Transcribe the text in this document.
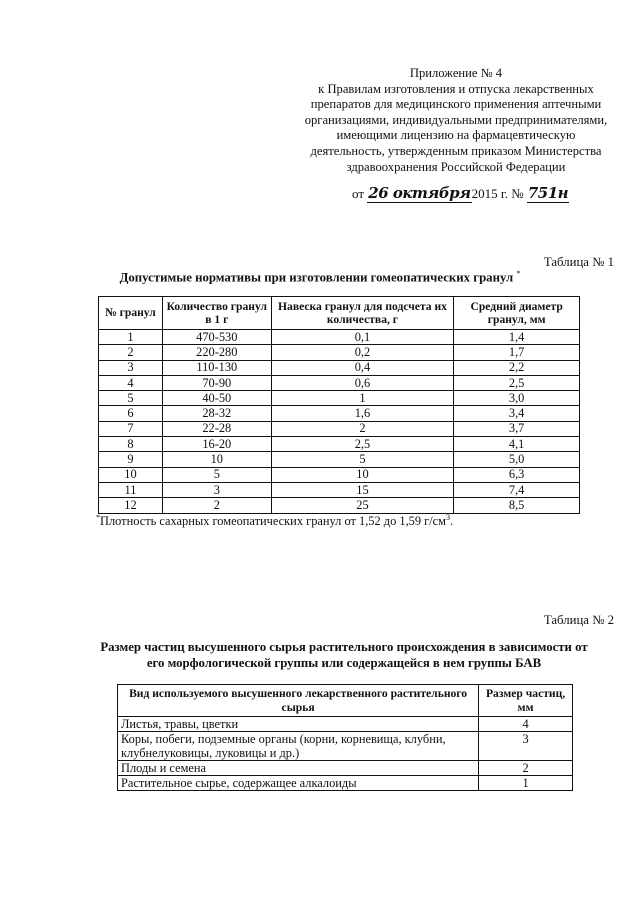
Приложение № 4
к Правилам изготовления и отпуска лекарственных
препаратов для медицинского применения аптечными
организациями, индивидуальными предпринимателями,
имеющими лицензию на фармацевтическую
деятельность, утвержденным приказом Министерства
здравоохранения Российской Федерации
от 26 октября2015 г. № 751н
Таблица № 1
Допустимые нормативы при изготовлении гомеопатических гранул *
№ гранул	Количество гранул в 1 г	Навеска гранул для подсчета их количества, г	Средний диаметр гранул, мм
1	470-530	0,1	1,4
2	220-280	0,2	1,7
3	110-130	0,4	2,2
4	70-90	0,6	2,5
5	40-50	1	3,0
6	28-32	1,6	3,4
7	22-28	2	3,7
8	16-20	2,5	4,1
9	10	5	5,0
10	5	10	6,3
11	3	15	7,4
12	2	25	8,5
*Плотность сахарных гомеопатических гранул от 1,52 до 1,59 $г/см^3$.
Таблица № 2
Размер частиц высушенного сырья растительного происхождения в зависимости от его морфологической группы или содержащейся в нем группы БАВ
Вид используемого высушенного лекарственного растительного сырья	Размер частиц, мм
Листья, травы, цветки	4
Коры, побеги, подземные органы (корни, корневища, клубни, клубнелуковицы, луковицы и др.)	3
Плоды и семена	2
Растительное сырье, содержащее алкалоиды	1
